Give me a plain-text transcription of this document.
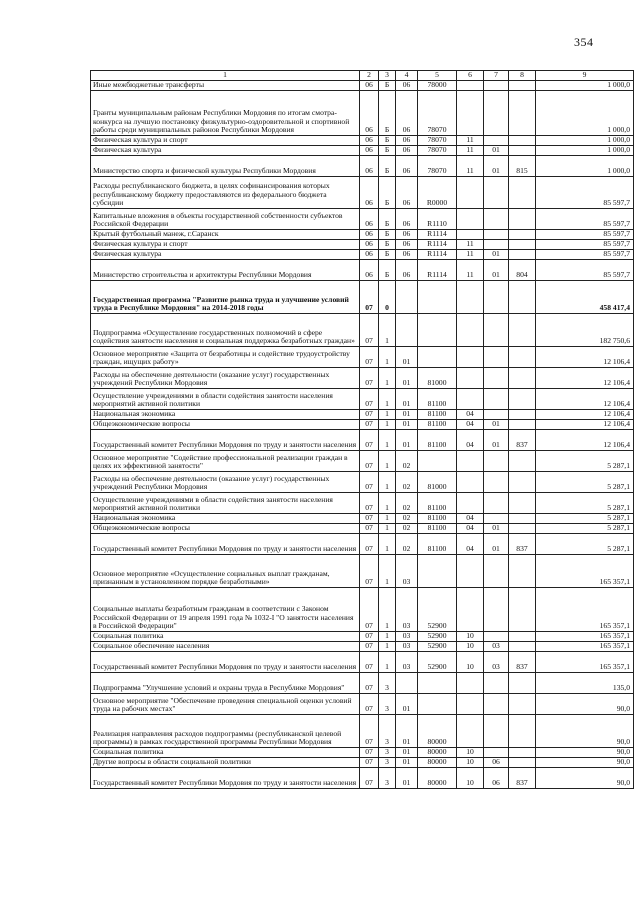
354
1	2	3	4	5	6	7	8	9
Иные межбюджетные трансферты	06	Б	06	78000				1 000,0
Гранты муниципальным районам Республики Мордовия по итогам смотра-конкурса на лучшую постановку физкультурно-оздоровительной и спортивной работы среди муниципальных районов Республики Мордовия	06	Б	06	78070				1 000,0
Физическая культура и спорт	06	Б	06	78070	11			1 000,0
Физическая культура	06	Б	06	78070	11	01		1 000,0
Министерство спорта и физической культуры Республики Мордовия	06	Б	06	78070	11	01	815	1 000,0
Расходы республиканского бюджета, в целях софинансирования которых республиканскому бюджету предоставляются из федерального бюджета субсидии	06	Б	06	R0000				85 597,7
Капитальные вложения в объекты государственной собственности субъектов Российской Федерации	06	Б	06	R1110				85 597,7
Крытый футбольный манеж, г.Саранск	06	Б	06	R1114				85 597,7
Физическая культура и спорт	06	Б	06	R1114	11			85 597,7
Физическая культура	06	Б	06	R1114	11	01		85 597,7
Министерство строительства и архитектуры Республики Мордовия	06	Б	06	R1114	11	01	804	85 597,7
Государственная программа "Развитие рынка труда и улучшение условий труда в Республике Мордовия" на 2014-2018 годы	07	0						458 417,4
Подпрограмма «Осуществление государственных полномочий в сфере содействия занятости населения и социальная поддержка безработных граждан»	07	1						182 750,6
Основное мероприятие «Защита от безработицы и содействие трудоустройству граждан, ищущих работу»	07	1	01					12 106,4
Расходы на обеспечение деятельности (оказание услуг) государственных учреждений Республики Мордовия	07	1	01	81000				12 106,4
Осуществление учреждениями в области содействия занятости населения мероприятий активной политики	07	1	01	81100				12 106,4
Национальная экономика	07	1	01	81100	04			12 106,4
Общеэкономические вопросы	07	1	01	81100	04	01		12 106,4
Государственный комитет Республики Мордовия по труду и занятости населения	07	1	01	81100	04	01	837	12 106,4
Основное мероприятие "Содействие профессиональной реализации граждан в целях их эффективной занятости"	07	1	02					5 287,1
Расходы на обеспечение деятельности (оказание услуг) государственных учреждений Республики Мордовия	07	1	02	81000				5 287,1
Осуществление учреждениями в области содействия занятости населения мероприятий активной политики	07	1	02	81100				5 287,1
Национальная экономика	07	1	02	81100	04			5 287,1
Общеэкономические вопросы	07	1	02	81100	04	01		5 287,1
Государственный комитет Республики Мордовия по труду и занятости населения	07	1	02	81100	04	01	837	5 287,1
Основное мероприятие «Осуществление социальных выплат гражданам, признанным в установленном порядке безработными»	07	1	03					165 357,1
Социальные выплаты безработным гражданам в соответствии с Законом Российской Федерации от 19 апреля 1991 года № 1032-I "О занятости населения в Российской Федерации"	07	1	03	52900				165 357,1
Социальная политика	07	1	03	52900	10			165 357,1
Социальное обеспечение населения	07	1	03	52900	10	03		165 357,1
Государственный комитет Республики Мордовия по труду и занятости населения	07	1	03	52900	10	03	837	165 357,1
Подпрограмма "Улучшение условий и охраны труда в Республике Мордовия"	07	3						135,0
Основное мероприятие "Обеспечение проведения специальной оценки условий труда на рабочих местах"	07	3	01					90,0
Реализация направления расходов подпрограммы (республиканской целевой программы) в рамках государственной программы Республики Мордовия	07	3	01	80000				90,0
Социальная политика	07	3	01	80000	10			90,0
Другие вопросы в области социальной политики	07	3	01	80000	10	06		90,0
Государственный комитет Республики Мордовия по труду и занятости населения	07	3	01	80000	10	06	837	90,0
